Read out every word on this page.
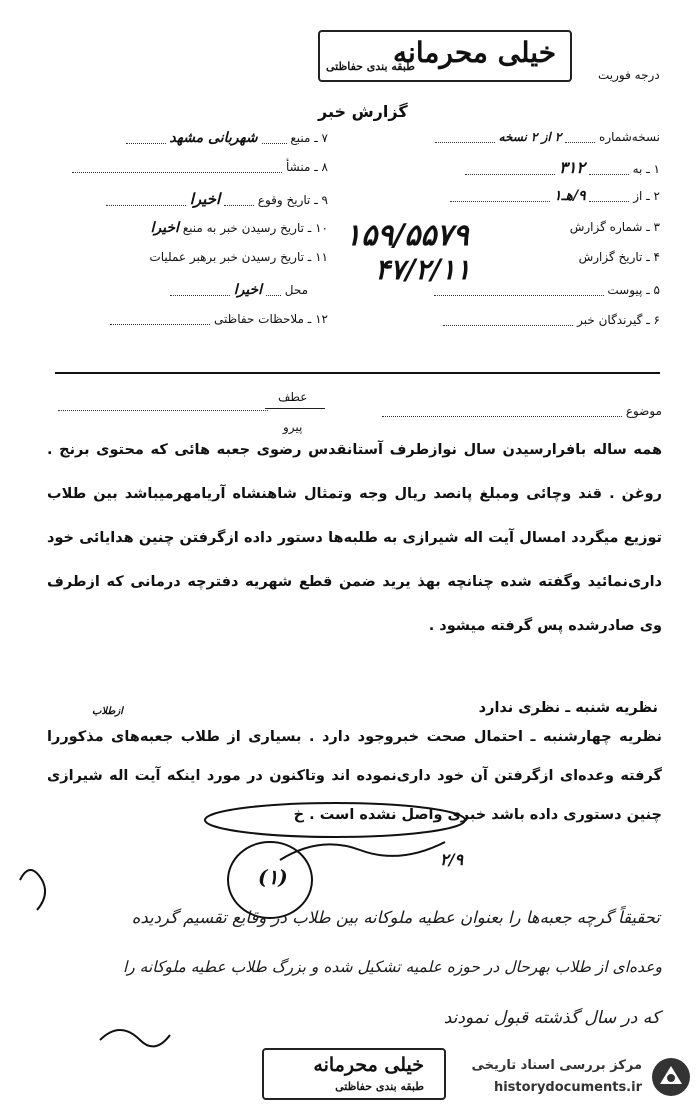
درجه فوریت
خیلی محرمانه
طبقه بندی حفاظتی
گزارش خبر
نسخه‌شماره  ۲ از ۲ نسخه
۱ ـ به  ۳۱۲
۲ ـ از  ۹/هـ۱
۳ ـ شماره گزارش
۴ ـ تاریخ گزارش
۵ ـ پیوست
۶ ـ گیرندگان خبر
۱۵۹/۵۵۷۹
۴۷/۲/۱۱
۷ ـ منبع  شهربانی مشهد
۸ ـ منشأ
۹ ـ تاریخ وقوع  اخیرا
۱۰ ـ تاریخ رسیدن خبر به منبع اخیرا
۱۱ ـ تاریخ رسیدن خبر برهبر عملیات
محل  اخیرا
۱۲ ـ ملاحظات حفاظتی
عطف
پیرو
موضوع
همه ساله بافرارسیدن سال نوازطرف آستانقدس رضوی جعبه هائی که محتوی برنج . روغن . قند وچائی ومبلغ پانصد ریال وجه وتمثال شاهنشاه آریامهرمیباشد بین طلاب توزیع میگردد امسال آیت اله شیرازی به طلبه‌ها دستور داده ازگرفتن چنین هدایائی خود داری‌نمائید وگفته شده چنانچه بهذ یرید ضمن قطع شهریه دفترچه درمانی که ازطرف وی صادرشده پس گرفته میشود .
نظریه شنبه ـ نظری ندارد
ازطلاب
نظریه چهارشنبه ـ احتمال صحت خبروجود دارد . بسیاری از طلاب جعبه‌های مذکوررا گرفته وعده‌ای ازگرفتن آن خود داری‌نموده اند وتاکنون در مورد اینکه آیت اله شیرازی چنین دستوری داده باشد خبری واصل نشده است . خ
۲/۹
(۱)
تحقیقاً گرچه جعبه‌ها را بعنوان عطیه ملوکانه بین طلاب در وقایع تقسیم گردیده
وعده‌ای از طلاب بهرحال در حوزه علمیه تشکیل شده و بزرگ طلاب عطیه ملوکانه را
که در سال گذشته قبول نمودند
خیلی محرمانه
طبقه بندی حفاظتی
مرکز بررسی اسناد تاریخی
historydocuments.ir
